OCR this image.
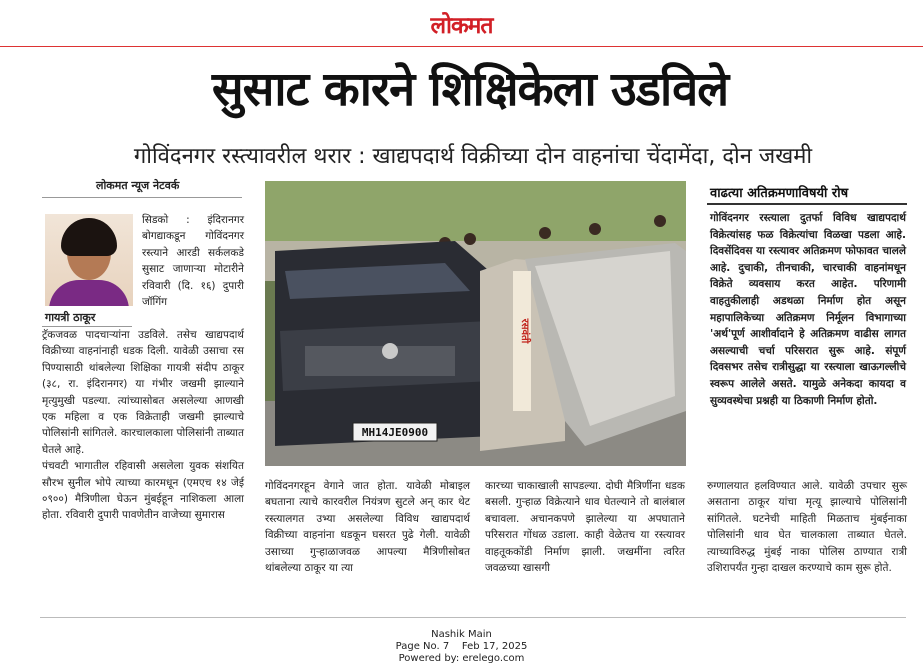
लोकमत
सुसाट कारने शिक्षिकेला उडविले
गोविंदनगर रस्त्यावरील थरार : खाद्यपदार्थ विक्रीच्या दोन वाहनांचा चेंदामेंदा, दोन जखमी
लोकमत न्यूज नेटवर्क
गायत्री ठाकूर
सिडको : इंदिरानगर बोगद्याकडून गोविंदनगर रस्त्याने आरडी सर्कलकडे सुसाट जाणाऱ्या मोटारीने रविवारी (दि. १६) दुपारी जॉगिंग
ट्रॅकजवळ पादचाऱ्यांना उडविले. तसेच खाद्यपदार्थ विक्रीच्या वाहनांनाही धडक दिली. यावेळी उसाचा रस पिण्यासाठी थांबलेल्या शिक्षिका गायत्री संदीप ठाकूर (३८, रा. इंदिरानगर) या गंभीर जखमी झाल्याने मृत्युमुखी पडल्या. त्यांच्यासोबत असलेल्या आणखी एक महिला व एक विक्रेताही जखमी झाल्याचे पोलिसांनी सांगितले. कारचालकाला पोलिसांनी ताब्यात घेतले आहे.
पंचवटी भागातील रहिवासी असलेला युवक संशयित सौरभ सुनील भोपे त्याच्या कारमधून (एमएच १४ जेई ०९००) मैत्रिणीला घेऊन मुंबईहून नाशिकला आला होता. रविवारी दुपारी पावणेतीन वाजेच्या सुमारास
MH14JE0900
रसवंती
वाढत्या अतिक्रमणाविषयी रोष
गोविंदनगर रस्त्याला दुतर्फा विविध खाद्यपदार्थ विक्रेत्यांसह फळ विक्रेत्यांचा विळखा पडला आहे. दिवसेंदिवस या रस्त्यावर अतिक्रमण फोफावत चालले आहे. दुचाकी, तीनचाकी, चारचाकी वाहनांमधून विक्रेते व्यवसाय करत आहेत. परिणामी वाहतुकीलाही अडथळा निर्माण होत असून महापालिकेच्या अतिक्रमण निर्मूलन विभागाच्या 'अर्थ'पूर्ण आशीर्वादाने हे अतिक्रमण वाढीस लागत असल्याची चर्चा परिसरात सुरू आहे. संपूर्ण दिवसभर तसेच रात्रीसुद्धा या रस्त्याला खाऊगल्लीचे स्वरूप आलेले असते. यामुळे अनेकदा कायदा व सुव्यवस्थेचा प्रश्नही या ठिकाणी निर्माण होतो.
गोविंदनगरहून वेगाने जात होता. यावेळी मोबाइल बघताना त्याचे कारवरील नियंत्रण सुटले अन् कार थेट रस्त्यालगत उभ्या असलेल्या विविध खाद्यपदार्थ विक्रीच्या वाहनांना धडकून घसरत पुढे गेली. यावेळी उसाच्या गुऱ्हाळाजवळ आपल्या मैत्रिणीसोबत थांबलेल्या ठाकूर या त्या
कारच्या चाकाखाली सापडल्या. दोघी मैत्रिणींना धडक बसली. गुऱ्हाळ विक्रेत्याने धाव घेतल्याने तो बालंबाल बचावला. अचानकपणे झालेल्या या अपघाताने परिसरात गोंधळ उडाला. काही वेळेतच या रस्त्यावर वाहतूककोंडी निर्माण झाली. जखमींना त्वरित जवळच्या खासगी
रुग्णालयात हलविण्यात आले. यावेळी उपचार सुरू असताना ठाकूर यांचा मृत्यू झाल्याचे पोलिसांनी सांगितले. घटनेची माहिती मिळताच मुंबईनाका पोलिसांनी धाव घेत चालकाला ताब्यात घेतले. त्याच्याविरुद्ध मुंबई नाका पोलिस ठाण्यात रात्री उशिरापर्यंत गुन्हा दाखल करण्याचे काम सुरू होते.
Nashik Main
Page No. 7    Feb 17, 2025
Powered by: erelego.com
